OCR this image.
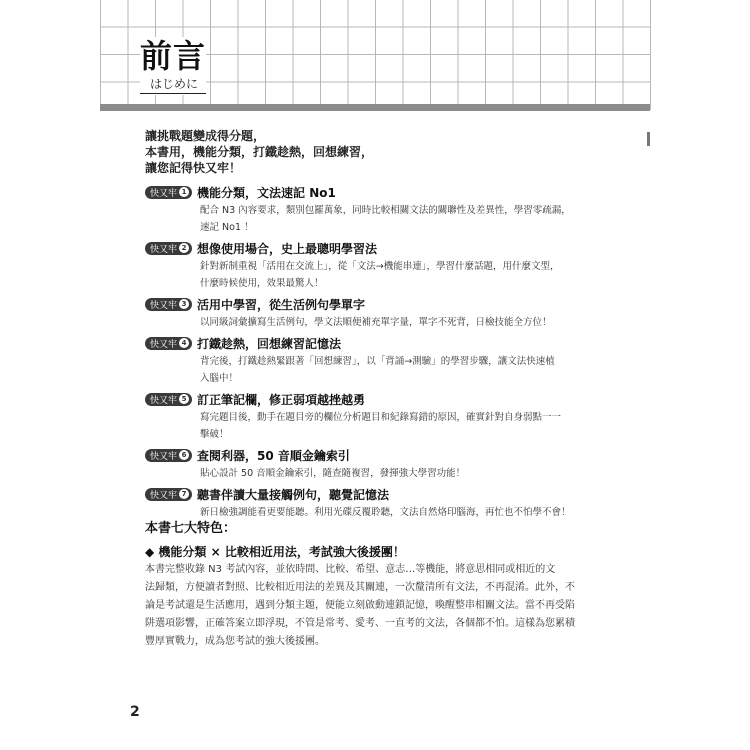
前言
はじめに
讓挑戰題變成得分題，
本書用，機能分類，打鐵趁熱，回想練習，
讓您記得快又牢！
快又牢 1 機能分類，文法速記 No1
配合 N3 內容要求，類別包羅萬象，同時比較相關文法的關聯性及差異性，學習零疏漏，
速記 No1 ！
快又牢 2 想像使用場合，史上最聰明學習法
針對新制重視「活用在交流上」，從「文法→機能串連」，學習什麼話題，用什麼文型，
什麼時候使用，效果最驚人！
快又牢 3 活用中學習，從生活例句學單字
以同級詞彙擴寫生活例句，學文法順便補充單字量，單字不死背，日檢技能全方位！
快又牢 4 打鐵趁熱，回想練習記憶法
背完後，打鐵趁熱緊跟著「回想練習」，以「背誦→測驗」的學習步驟，讓文法快速植
入腦中！
快又牢 5 訂正筆記欄，修正弱項越挫越勇
寫完題目後，動手在題目旁的欄位分析題目和紀錄寫錯的原因，確實針對自身弱點一一
擊破！
快又牢 6 查閱利器，50 音順金鑰索引
貼心設計 50 音順金鑰索引，隨查隨複習，發揮強大學習功能！
快又牢 7 聽書伴讀大量接觸例句，聽覺記憶法
新日檢強調能看更要能聽。利用光碟反覆聆聽，文法自然烙印腦海，再忙也不怕學不會！
本書七大特色：
◆ 機能分類 × 比較相近用法，考試強大後援團！
本書完整收錄 N3 考試內容，並依時間、比較、希望、意志…等機能，將意思相同或相近的文
法歸類，方便讀者對照、比較相近用法的差異及其關連，一次釐清所有文法，不再混淆。此外，不
論是考試還是生活應用，遇到分類主題，便能立刻啟動連鎖記憶，喚醒整串相關文法。當不再受陷
阱選項影響，正確答案立即浮現，不管是常考、愛考、一直考的文法，各個都不怕。這樣為您累積
豐厚實戰力，成為您考試的強大後援團。
2
